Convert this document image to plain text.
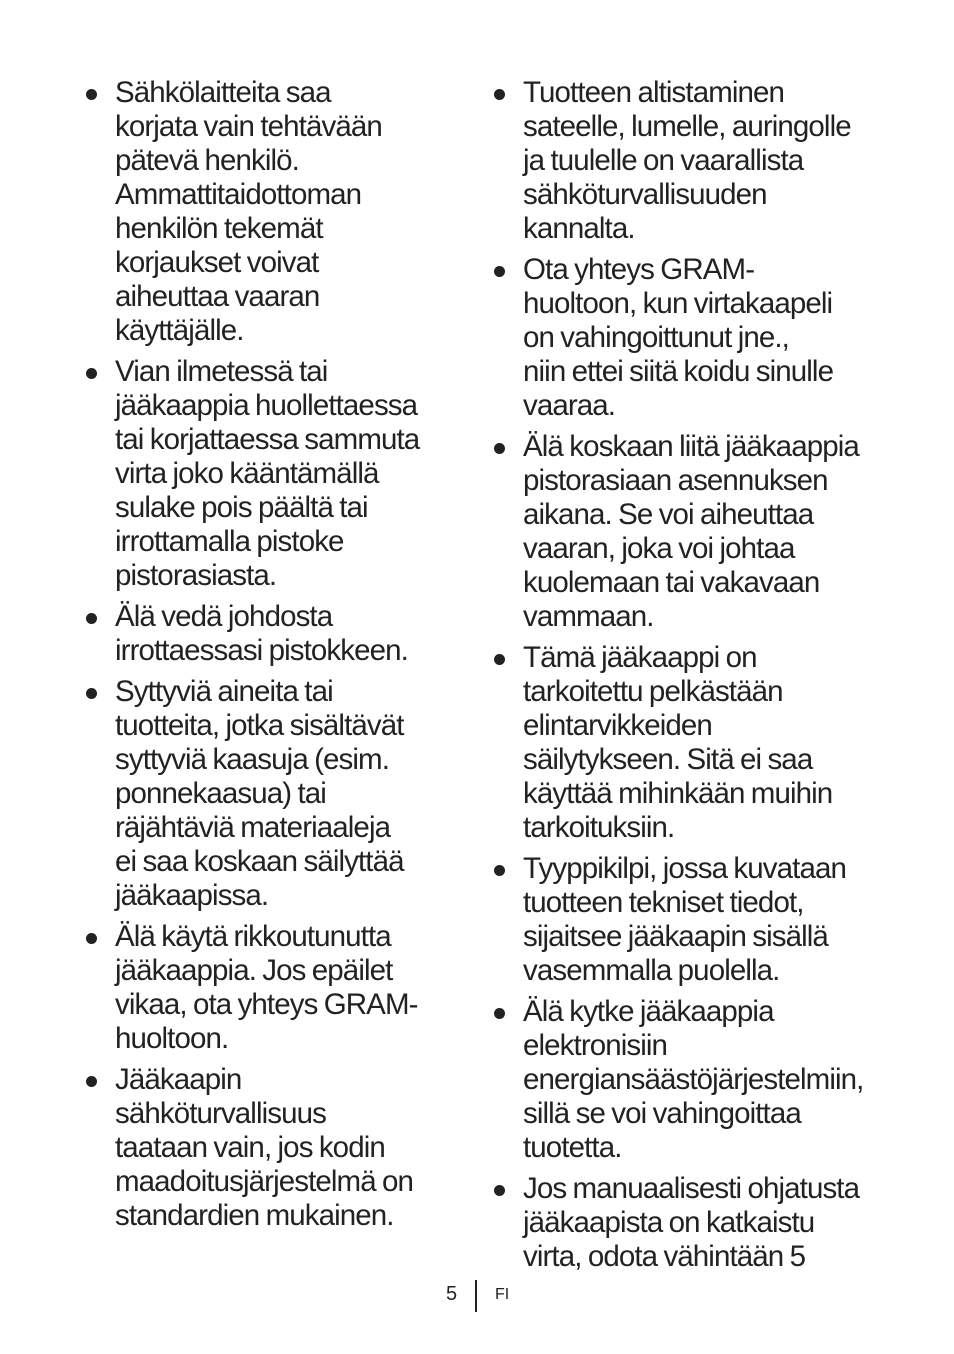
Sähkölaitteita saa
korjata vain tehtävään
pätevä henkilö.
Ammattitaidottoman
henkilön tekemät
korjaukset voivat
aiheuttaa vaaran
käyttäjälle.
Vian ilmetessä tai
jääkaappia huollettaessa
tai korjattaessa sammuta
virta joko kääntämällä
sulake pois päältä tai
irrottamalla pistoke
pistorasiasta.
Älä vedä johdosta
irrottaessasi pistokkeen.
Syttyviä aineita tai
tuotteita, jotka sisältävät
syttyviä kaasuja (esim.
ponnekaasua) tai
räjähtäviä materiaaleja
ei saa koskaan säilyttää
jääkaapissa.
Älä käytä rikkoutunutta
jääkaappia. Jos epäilet
vikaa, ota yhteys GRAM-
huoltoon.
Jääkaapin
sähköturvallisuus
taataan vain, jos kodin
maadoitusjärjestelmä on
standardien mukainen.
Tuotteen altistaminen
sateelle, lumelle, auringolle
ja tuulelle on vaarallista
sähköturvallisuuden
kannalta.
Ota yhteys GRAM-
huoltoon, kun virtakaapeli
on vahingoittunut jne.,
niin ettei siitä koidu sinulle
vaaraa.
Älä koskaan liitä jääkaappia
pistorasiaan asennuksen
aikana. Se voi aiheuttaa
vaaran, joka voi johtaa
kuolemaan tai vakavaan
vammaan.
Tämä jääkaappi on
tarkoitettu pelkästään
elintarvikkeiden
säilytykseen. Sitä ei saa
käyttää mihinkään muihin
tarkoituksiin.
Tyyppikilpi, jossa kuvataan
tuotteen tekniset tiedot,
sijaitsee jääkaapin sisällä
vasemmalla puolella.
Älä kytke jääkaappia
elektronisiin
energiansäästöjärjestelmiin,
sillä se voi vahingoittaa
tuotetta.
Jos manuaalisesti ohjatusta
jääkaapista on katkaistu
virta, odota vähintään 5
5 FI
